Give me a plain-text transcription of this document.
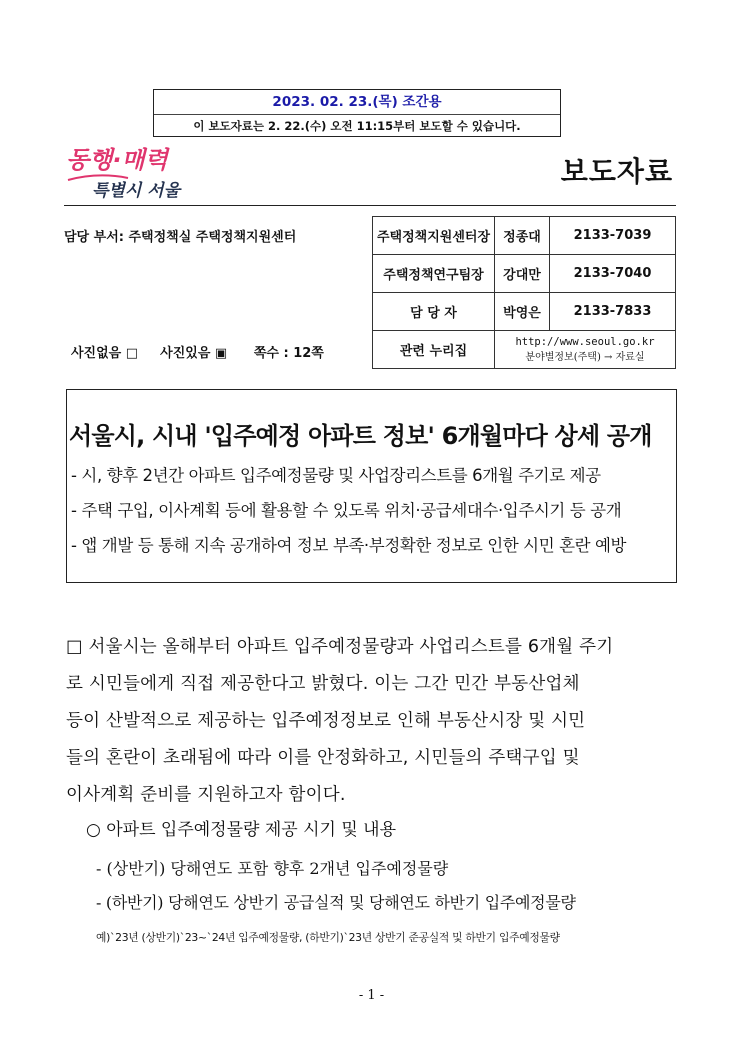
2023. 02. 23.(목) 조간용
이 보도자료는 2. 22.(수) 오전 11:15부터 보도할 수 있습니다.
동행·매력
특별시 서울
보도자료
담당 부서: 주택정책실 주택정책지원센터
사진없음 □ 사진있음 ▣ 쪽수 : 12쪽
주택정책지원센터장	정종대	2133-7039
주택정책연구팀장	강대만	2133-7040
담 당 자	박영은	2133-7833
관련 누리집	http://www.seoul.go.kr
분야별정보(주택) → 자료실	
서울시, 시내 '입주예정 아파트 정보' 6개월마다 상세 공개
- 시, 향후 2년간 아파트 입주예정물량 및 사업장리스트를 6개월 주기로 제공
- 주택 구입, 이사계획 등에 활용할 수 있도록 위치·공급세대수·입주시기 등 공개
- 앱 개발 등 통해 지속 공개하여 정보 부족·부정확한 정보로 인한 시민 혼란 예방
□ 서울시는 올해부터 아파트 입주예정물량과 사업리스트를 6개월 주기
로 시민들에게 직접 제공한다고 밝혔다. 이는 그간 민간 부동산업체
등이 산발적으로 제공하는 입주예정정보로 인해 부동산시장 및 시민
들의 혼란이 초래됨에 따라 이를 안정화하고, 시민들의 주택구입 및
이사계획 준비를 지원하고자 함이다.
○ 아파트 입주예정물량 제공 시기 및 내용
- (상반기) 당해연도 포함 향후 2개년 입주예정물량
- (하반기) 당해연도 상반기 공급실적 및 당해연도 하반기 입주예정물량
예)`23년 (상반기)`23~`24년 입주예정물량, (하반기)`23년 상반기 준공실적 및 하반기 입주예정물량
- 1 -
